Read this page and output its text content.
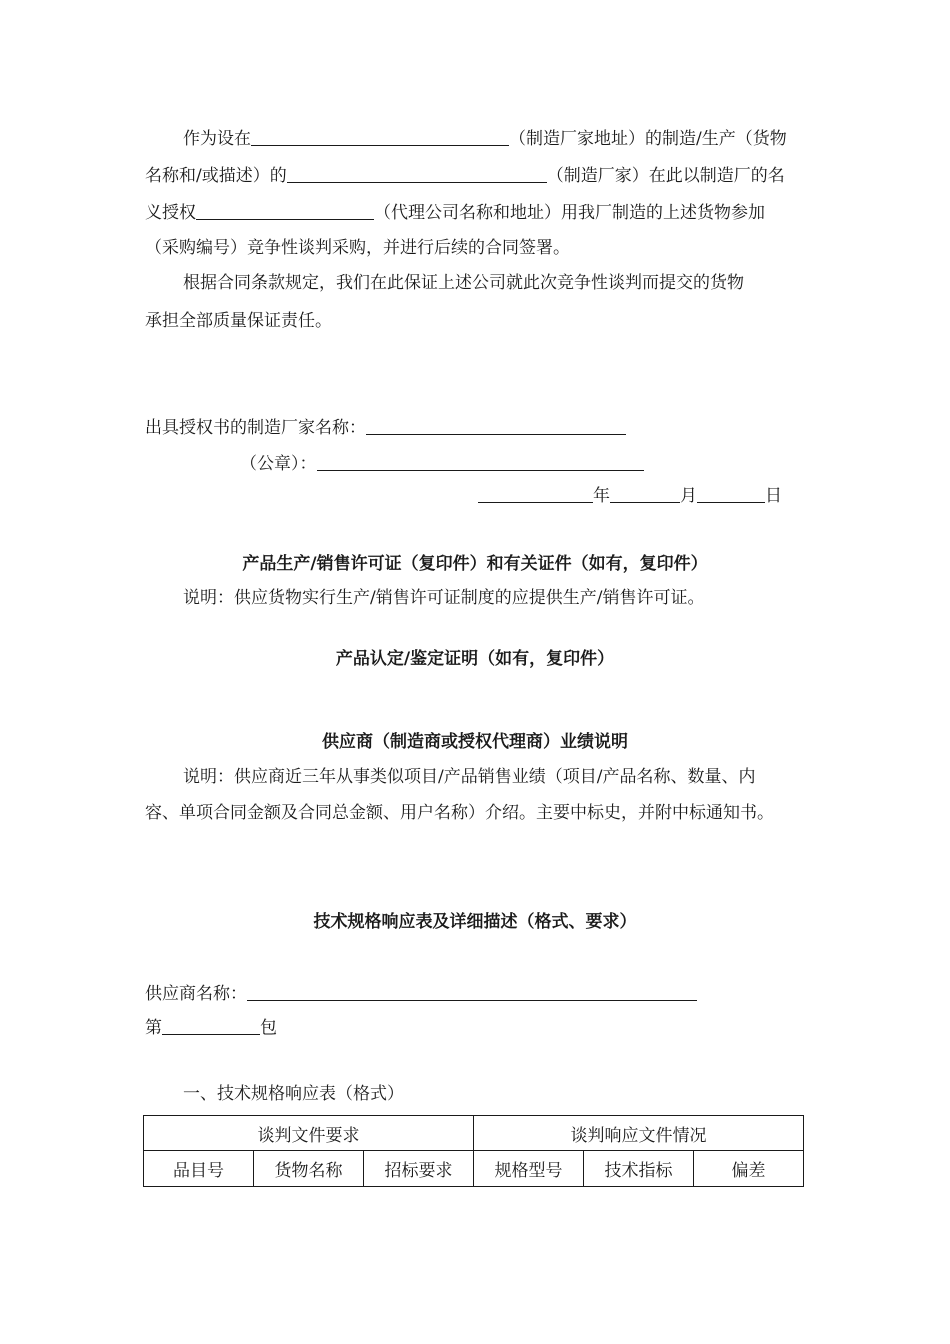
作为设在	（制造厂家地址）的制造/生产（货物
名称和/或描述）的	（制造厂家）在此以制造厂的名
义授权	（代理公司名称和地址）用我厂制造的上述货物参加
（采购编号）竞争性谈判采购，并进行后续的合同签署。
根据合同条款规定，我们在此保证上述公司就此次竞争性谈判而提交的货物
承担全部质量保证责任。
出具授权书的制造厂家名称：
（公章）：
年	月	日
产品生产/销售许可证（复印件）和有关证件（如有，复印件）
说明：供应货物实行生产/销售许可证制度的应提供生产/销售许可证。
产品认定/鉴定证明（如有，复印件）
供应商（制造商或授权代理商）业绩说明
说明：供应商近三年从事类似项目/产品销售业绩（项目/产品名称、数量、内
容、单项合同金额及合同总金额、用户名称）介绍。主要中标史，并附中标通知书。
技术规格响应表及详细描述（格式、要求）
供应商名称：
第	包
一、技术规格响应表（格式）
谈判文件要求			谈判响应文件情况		
品目号	货物名称	招标要求	规格型号	技术指标	偏差
